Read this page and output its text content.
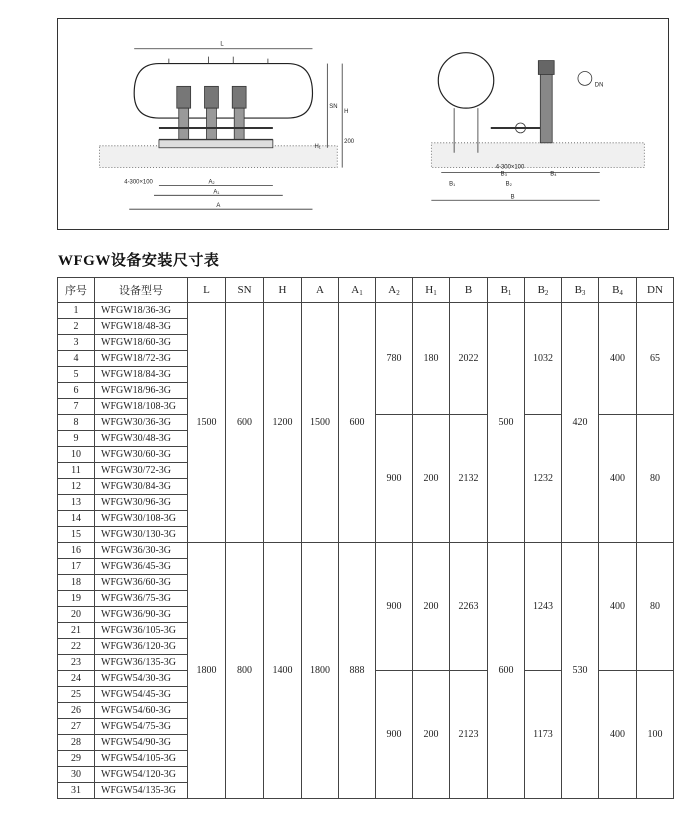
L
SN
H
H₁
200
A₂
A₁
A
4-300×100
DN
B₁	B₂
B₃	B₄
4-300×100
B
WFGW设备安装尺寸表
序号	设备型号	L	SN	H	A	$A_1$	$A_2$	$H_1$	B	$B_1$	$B_2$	$B_3$	$B_4$	DN
1	WFGW18/36-3G	1500	600	1200	1500	600	780	180	2022	500	1032	420	400	65
2	WFGW18/48-3G													
3	WFGW18/60-3G													
4	WFGW18/72-3G													
5	WFGW18/84-3G													
6	WFGW18/96-3G													
7	WFGW18/108-3G													
8	WFGW30/36-3G						900	200	2132		1232		400	80
9	WFGW30/48-3G													
10	WFGW30/60-3G													
11	WFGW30/72-3G													
12	WFGW30/84-3G													
13	WFGW30/96-3G													
14	WFGW30/108-3G													
15	WFGW30/130-3G													
16	WFGW36/30-3G	1800	800	1400	1800	888	900	200	2263	600	1243	530	400	80
17	WFGW36/45-3G													
18	WFGW36/60-3G													
19	WFGW36/75-3G													
20	WFGW36/90-3G													
21	WFGW36/105-3G													
22	WFGW36/120-3G													
23	WFGW36/135-3G													
24	WFGW54/30-3G						900	200	2123		1173		400	100
25	WFGW54/45-3G													
26	WFGW54/60-3G													
27	WFGW54/75-3G													
28	WFGW54/90-3G													
29	WFGW54/105-3G													
30	WFGW54/120-3G													
31	WFGW54/135-3G													
